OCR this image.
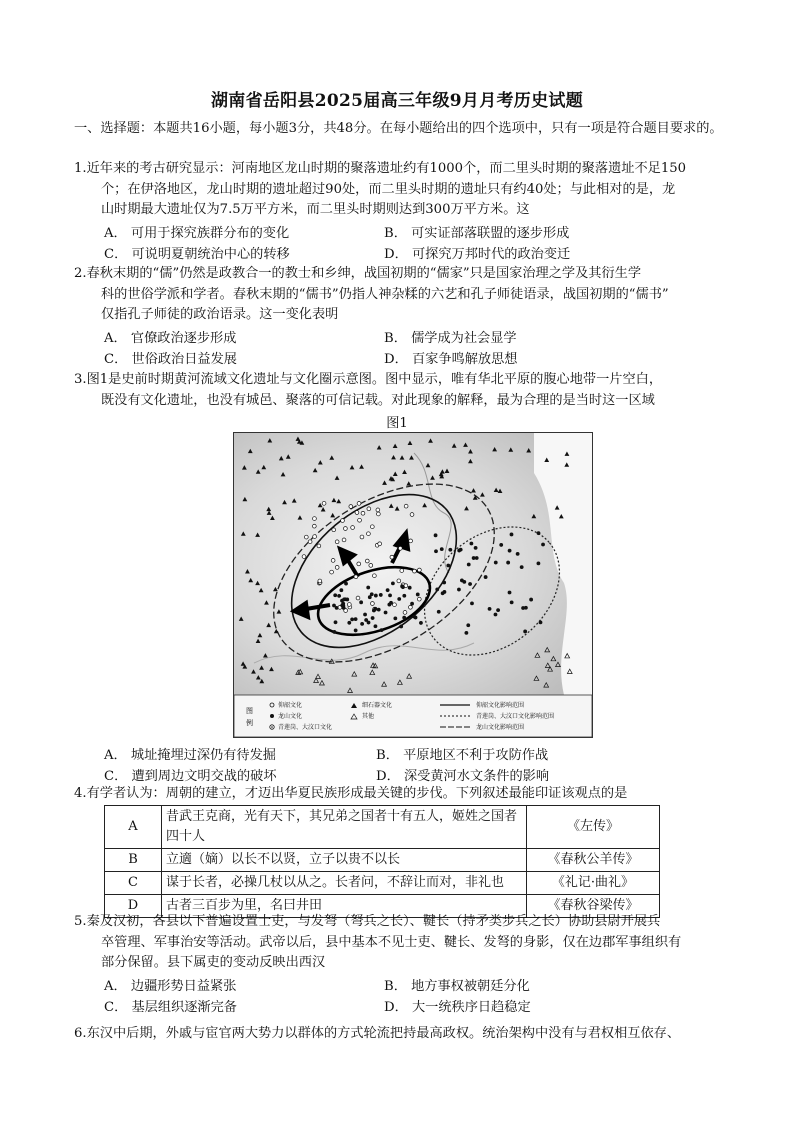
湖南省岳阳县2025届高三年级9月月考历史试题
一、选择题：本题共16小题，每小题3分，共48分。在每小题给出的四个选项中，只有一项是符合题目要求的。
1.近年来的考古研究显示：河南地区龙山时期的聚落遗址约有1000个，而二里头时期的聚落遗址不足150
个；在伊洛地区，龙山时期的遗址超过90处，而二里头时期的遗址只有约40处；与此相对的是，龙
山时期最大遗址仅为7.5万平方米，而二里头时期则达到300万平方米。这
A． 可用于探究族群分布的变化	B． 可实证部落联盟的逐步形成
C． 可说明夏朝统治中心的转移	D． 可探究万邦时代的政治变迁
2.春秋末期的“儒”仍然是政教合一的教士和乡绅，战国初期的“儒家”只是国家治理之学及其衍生学
科的世俗学派和学者。春秋末期的“儒书”仍指人神杂糅的六艺和孔子师徒语录，战国初期的“儒书”
仅指孔子师徒的政治语录。这一变化表明
A． 官僚政治逐步形成	B． 儒学成为社会显学
C． 世俗政治日益发展	D． 百家争鸣解放思想
3.图1是史前时期黄河流域文化遗址与文化圈示意图。图中显示，唯有华北平原的腹心地带一片空白，
既没有文化遗址，也没有城邑、聚落的可信记载。对此现象的解释，最为合理的是当时这一区域
图1
图
例
仰韶文化
龙山文化
青莲岗、大汶口文化
细石器文化
其他
仰韶文化影响范围
青莲岗、大汶口文化影响范围
龙山文化影响范围
A． 城址掩埋过深仍有待发掘	B． 平原地区不利于攻防作战
C． 遭到周边文明交战的破坏	D． 深受黄河水文条件的影响
4.有学者认为：周朝的建立，才迈出华夏民族形成最关键的步伐。下列叙述最能印证该观点的是
A	昔武王克商，光有天下，其兄弟之国者十有五人，姬姓之国者四十人	《左传》
B	立適（嫡）以长不以贤，立子以贵不以长	《春秋公羊传》
C	谋于长者，必操几杖以从之。长者问，不辞让而对，非礼也	《礼记·曲礼》
D	古者三百步为里，名曰井田	《春秋谷梁传》
5.秦及汉初，各县以下普遍设置士吏，与发弩（弩兵之长）、鞬长（持矛类步兵之长）协助县尉开展兵
卒管理、军事治安等活动。武帝以后，县中基本不见士吏、鞬长、发弩的身影，仅在边郡军事组织有
部分保留。县下属吏的变动反映出西汉
A． 边疆形势日益紧张	B． 地方事权被朝廷分化
C． 基层组织逐渐完备	D． 大一统秩序日趋稳定
6.东汉中后期，外戚与宦官两大势力以群体的方式轮流把持最高政权。统治架构中没有与君权相互依存、
